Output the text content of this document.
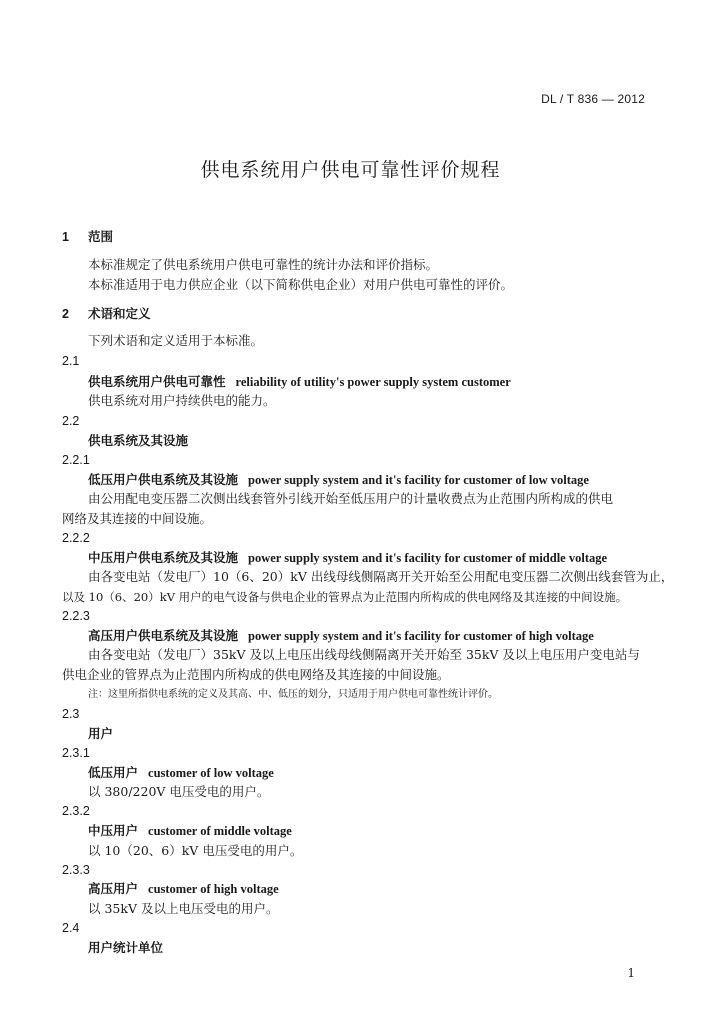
DL / T 836 — 2012
供电系统用户供电可靠性评价规程
1 范围
本标准规定了供电系统用户供电可靠性的统计办法和评价指标。
本标准适用于电力供应企业（以下简称供电企业）对用户供电可靠性的评价。
2 术语和定义
下列术语和定义适用于本标准。
2.1
供电系统用户供电可靠性 reliability of utility's power supply system customer
供电系统对用户持续供电的能力。
2.2
供电系统及其设施
2.2.1
低压用户供电系统及其设施 power supply system and it's facility for customer of low voltage
由公用配电变压器二次侧出线套管外引线开始至低压用户的计量收费点为止范围内所构成的供电
网络及其连接的中间设施。
2.2.2
中压用户供电系统及其设施 power supply system and it's facility for customer of middle voltage
由各变电站（发电厂）10（6、20）kV 出线母线侧隔离开关开始至公用配电变压器二次侧出线套管为止，
以及 10（6、20）kV 用户的电气设备与供电企业的管界点为止范围内所构成的供电网络及其连接的中间设施。
2.2.3
高压用户供电系统及其设施 power supply system and it's facility for customer of high voltage
由各变电站（发电厂）35kV 及以上电压出线母线侧隔离开关开始至 35kV 及以上电压用户变电站与
供电企业的管界点为止范围内所构成的供电网络及其连接的中间设施。
注：这里所指供电系统的定义及其高、中、低压的划分，只适用于用户供电可靠性统计评价。
2.3
用户
2.3.1
低压用户 customer of low voltage
以 380/220V 电压受电的用户。
2.3.2
中压用户 customer of middle voltage
以 10（20、6）kV 电压受电的用户。
2.3.3
高压用户 customer of high voltage
以 35kV 及以上电压受电的用户。
2.4
用户统计单位
1
